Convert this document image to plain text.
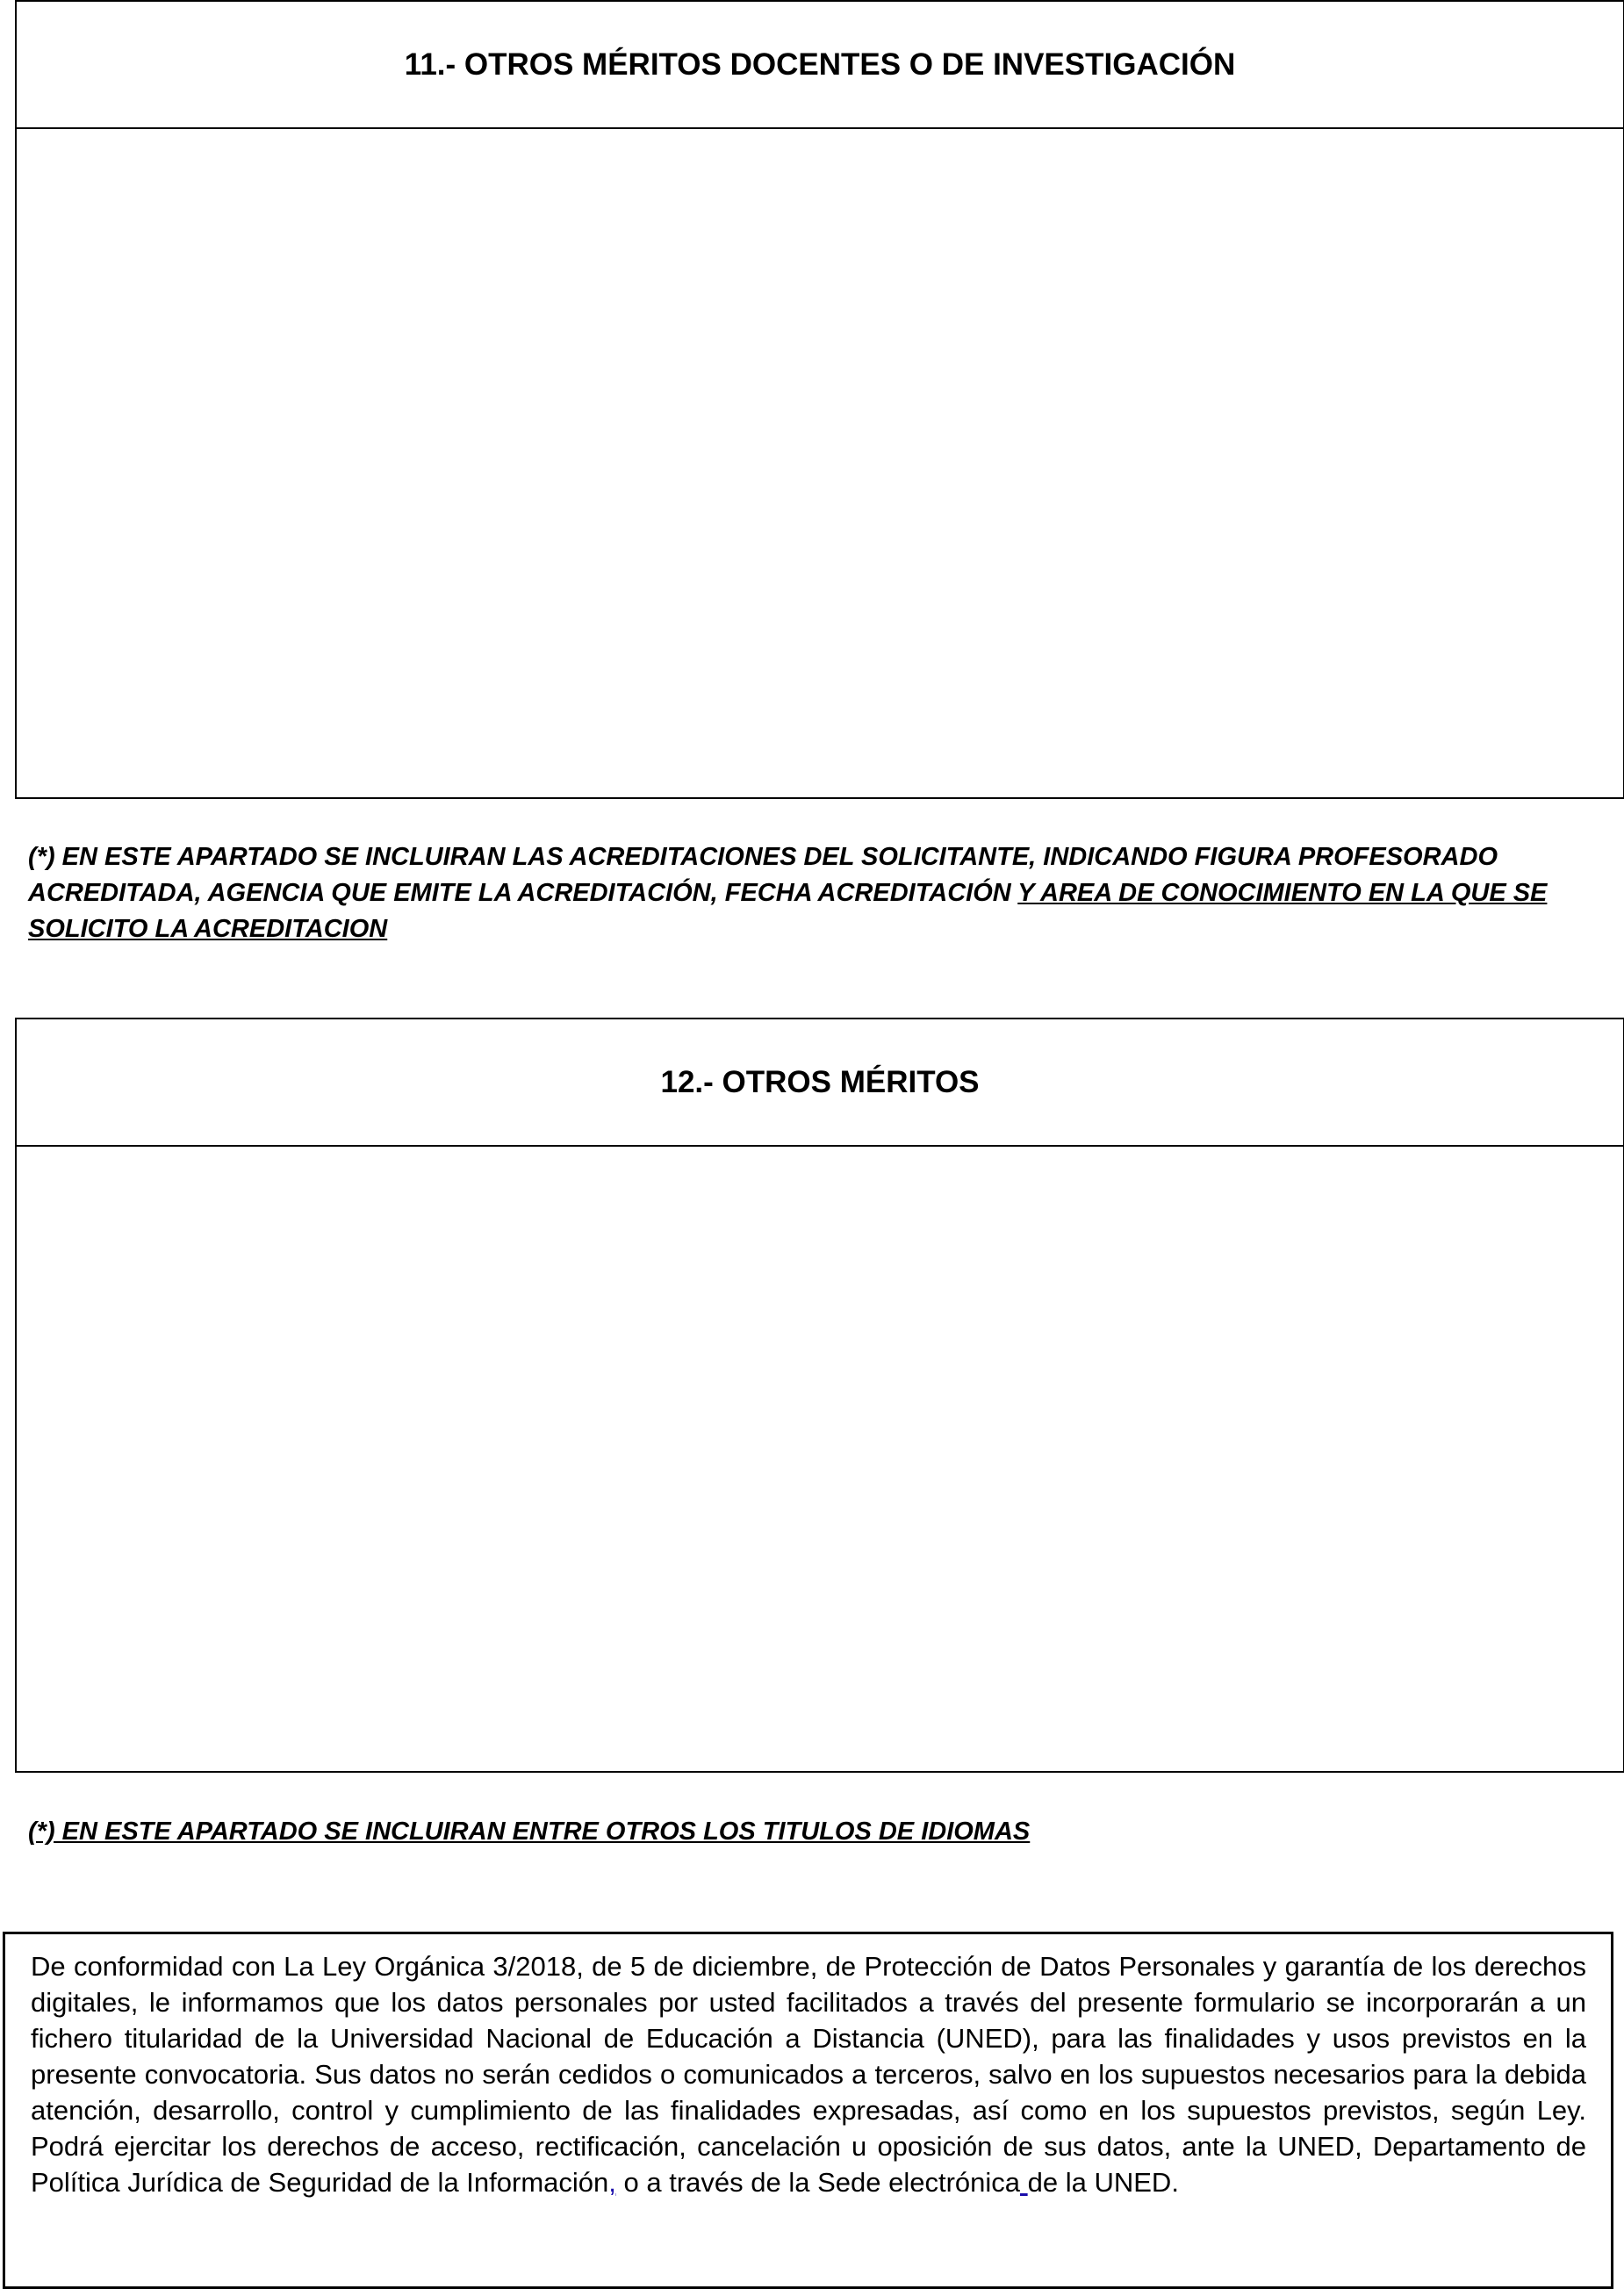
11.- OTROS MÉRITOS DOCENTES O DE INVESTIGACIÓN
(*) EN ESTE APARTADO SE INCLUIRAN LAS ACREDITACIONES DEL SOLICITANTE, INDICANDO FIGURA PROFESORADO ACREDITADA, AGENCIA QUE EMITE LA ACREDITACIÓN, FECHA ACREDITACIÓN Y AREA DE CONOCIMIENTO EN LA QUE SE SOLICITO LA ACREDITACION
12.- OTROS MÉRITOS
(*) EN ESTE APARTADO SE INCLUIRAN ENTRE OTROS LOS TITULOS DE IDIOMAS
De conformidad con La Ley Orgánica 3/2018, de 5 de diciembre, de Protección de Datos Personales y garantía de los derechos digitales, le informamos que los datos personales por usted facilitados a través del presente formulario se incorporarán a un fichero titularidad de la Universidad Nacional de Educación a Distancia (UNED), para las finalidades y usos previstos en la presente convocatoria. Sus datos no serán cedidos o comunicados a terceros, salvo en los supuestos necesarios para la debida atención, desarrollo, control y cumplimiento de las finalidades expresadas, así como en los supuestos previstos, según Ley. Podrá ejercitar los derechos de acceso, rectificación, cancelación u oposición de sus datos, ante la UNED, Departamento de Política Jurídica de Seguridad de la Información, o a través de la Sede electrónica de la UNED.
